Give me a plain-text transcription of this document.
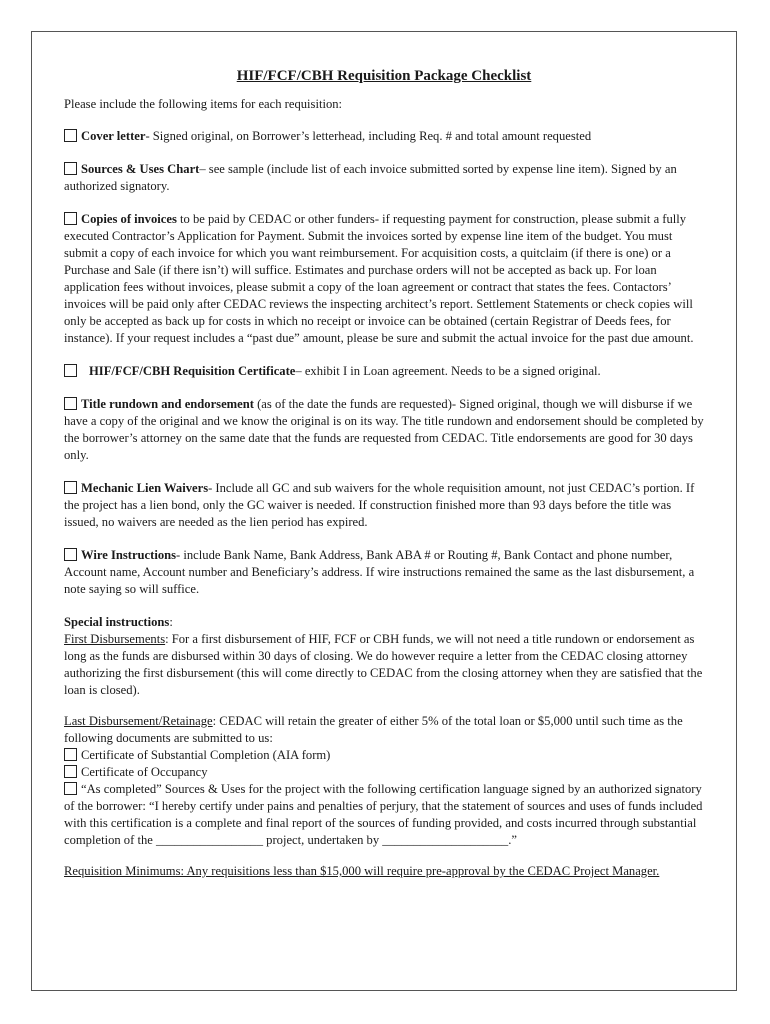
HIF/FCF/CBH Requisition Package Checklist

Please include the following items for each requisition:

Cover letter- Signed original, on Borrower’s letterhead, including Req. # and total amount requested

Sources & Uses Chart– see sample (include list of each invoice submitted sorted by expense line item). Signed by an authorized signatory.

Copies of invoices to be paid by CEDAC or other funders- if requesting payment for construction, please submit a fully executed Contractor’s Application for Payment. Submit the invoices sorted by expense line item of the budget. You must submit a copy of each invoice for which you want reimbursement. For acquisition costs, a quitclaim (if there is one) or a Purchase and Sale (if there isn’t) will suffice. Estimates and purchase orders will not be accepted as back up. For loan application fees without invoices, please submit a copy of the loan agreement or contract that states the fees. Contactors’ invoices will be paid only after CEDAC reviews the inspecting architect’s report. Settlement Statements or check copies will only be accepted as back up for costs in which no receipt or invoice can be obtained (certain Registrar of Deeds fees, for instance). If your request includes a “past due” amount, please be sure and submit the actual invoice for the past due amount.

HIF/FCF/CBH Requisition Certificate– exhibit I in Loan agreement. Needs to be a signed original.

Title rundown and endorsement (as of the date the funds are requested)- Signed original, though we will disburse if we have a copy of the original and we know the original is on its way. The title rundown and endorsement should be completed by the borrower’s attorney on the same date that the funds are requested from CEDAC. Title endorsements are good for 30 days only.

Mechanic Lien Waivers- Include all GC and sub waivers for the whole requisition amount, not just CEDAC’s portion. If the project has a lien bond, only the GC waiver is needed. If construction finished more than 93 days before the title was issued, no waivers are needed as the lien period has expired.

Wire Instructions- include Bank Name, Bank Address, Bank ABA # or Routing #, Bank Contact and phone number, Account name, Account number and Beneficiary’s address. If wire instructions remained the same as the last disbursement, a note saying so will suffice.

Special instructions:

First Disbursements: For a first disbursement of HIF, FCF or CBH funds, we will not need a title rundown or endorsement as long as the funds are disbursed within 30 days of closing. We do however require a letter from the CEDAC closing attorney authorizing the first disbursement (this will come directly to CEDAC from the closing attorney when they are satisfied that the loan is closed).

Last Disbursement/Retainage: CEDAC will retain the greater of either 5% of the total loan or $5,000 until such time as the following documents are submitted to us:

Certificate of Substantial Completion (AIA form)

Certificate of Occupancy

“As completed” Sources & Uses for the project with the following certification language signed by an authorized signatory of the borrower: “I hereby certify under pains and penalties of perjury, that the statement of sources and uses of funds included with this certification is a complete and final report of the sources of funding provided, and costs incurred through substantial completion of the _________________ project, undertaken by ____________________.”

Requisition Minimums: Any requisitions less than $15,000 will require pre-approval by the CEDAC Project Manager.
